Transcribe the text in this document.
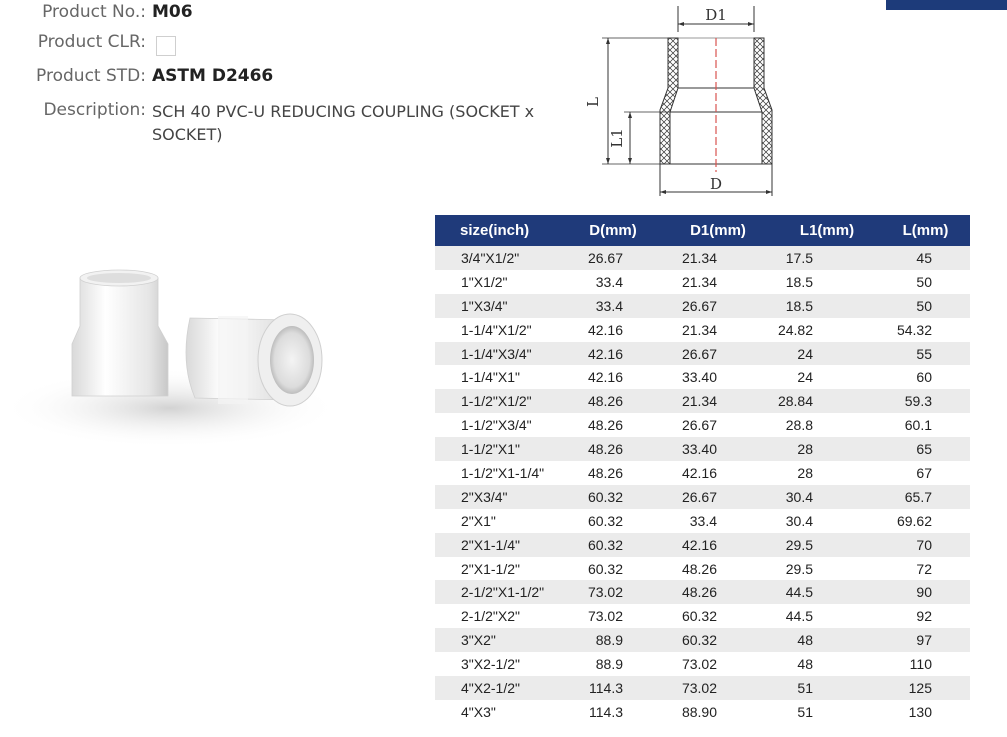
Product No.: M06
Product CLR:
Product STD: ASTM D2466
Description: SCH 40 PVC-U REDUCING COUPLING (SOCKET x SOCKET)
D1
L
L1
D
size(inch)	D(mm)	D1(mm)	L1(mm)	L(mm)
3/4"X1/2"	26.67	21.34	17.5	45
1"X1/2"	33.4	21.34	18.5	50
1"X3/4"	33.4	26.67	18.5	50
1-1/4"X1/2"	42.16	21.34	24.82	54.32
1-1/4"X3/4"	42.16	26.67	24	55
1-1/4"X1"	42.16	33.40	24	60
1-1/2"X1/2"	48.26	21.34	28.84	59.3
1-1/2"X3/4"	48.26	26.67	28.8	60.1
1-1/2"X1"	48.26	33.40	28	65
1-1/2"X1-1/4"	48.26	42.16	28	67
2"X3/4"	60.32	26.67	30.4	65.7
2"X1"	60.32	33.4	30.4	69.62
2"X1-1/4"	60.32	42.16	29.5	70
2"X1-1/2"	60.32	48.26	29.5	72
2-1/2"X1-1/2"	73.02	48.26	44.5	90
2-1/2"X2"	73.02	60.32	44.5	92
3"X2"	88.9	60.32	48	97
3"X2-1/2"	88.9	73.02	48	110
4"X2-1/2"	114.3	73.02	51	125
4"X3"	114.3	88.90	51	130
